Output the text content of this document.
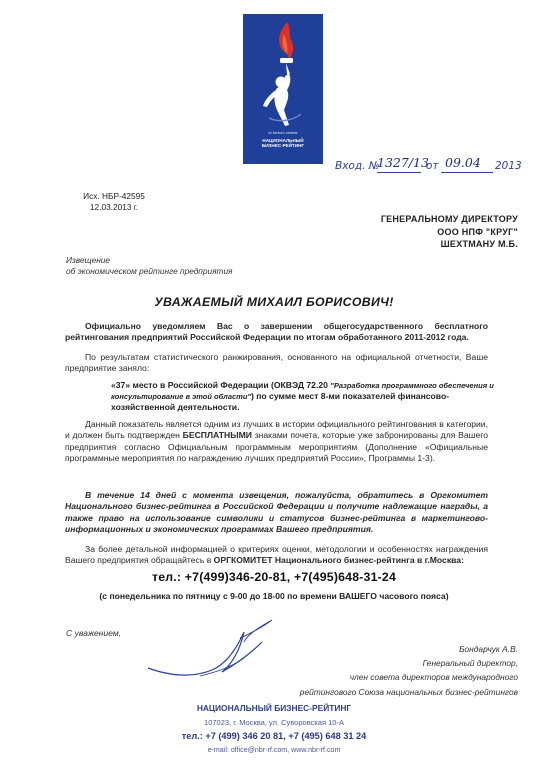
in factum veritas
НАЦИОНАЛЬНЫЙ
БИЗНЕС-РЕЙТИНГ
Вход. №
1327/13
от 09.04 2013
Исх. НБР-42595
12.03.2013 г.
ГЕНЕРАЛЬНОМУ ДИРЕКТОРУ
ООО НПФ "КРУГ"
ШЕХТМАНУ М.Б.
Извещение
об экономическом рейтинге предприятия
УВАЖАЕМЫЙ МИХАИЛ БОРИСОВИЧ!
Официально уведомляем Вас о завершении общегосударственного бесплатного рейтингования предприятий Российской Федерации по итогам обработанного 2011-2012 года.
По результатам статистического ранжирования, основанного на официальной отчетности, Ваше предприятие заняло:
«37» место в Российской Федерации (ОКВЭД 72.20 "Разработка программного обеспечения и консультирование в этой области") по сумме мест 8-ми показателей финансово-хозяйственной деятельности.
Данный показатель является одним из лучших в истории официального рейтингования в категории, и должен быть подтвержден БЕСПЛАТНЫМИ знаками почета, которые уже забронированы для Вашего предприятия согласно Официальным программным мероприятиям (Дополнение «Официальные программные мероприятия по награждению лучших предприятий России», Программы 1-3).
В течение 14 дней с момента извещения, пожалуйста, обратитесь в Оргкомитет Национального бизнес-рейтинга в Российской Федерации и получите надлежащие награды, а также право на использование символики и статусов бизнес-рейтинга в маркетингово-информационных и экономических программах Вашего предприятия.
За более детальной информацией о критериях оценки, методологии и особенностях награждения Вашего предприятия обращайтесь в ОРГКОМИТЕТ Национального бизнес-рейтинга в г.Москва:
тел.: +7(499)346-20-81, +7(495)648-31-24
(с понедельника по пятницу с 9-00 до 18-00 по времени ВАШЕГО часового пояса)
С уважением,
Бондарчук А.В.
Генеральный директор,
член совета директоров международного
рейтингового Союза национальных бизнес-рейтингов
НАЦИОНАЛЬНЫЙ БИЗНЕС-РЕЙТИНГ
107023, г. Москва, ул. Суворовская 10-А
тел.: +7 (499) 346 20 81, +7 (495) 648 31 24
e-mail: office@nbr-rf.com, www.nbr-rf.com
